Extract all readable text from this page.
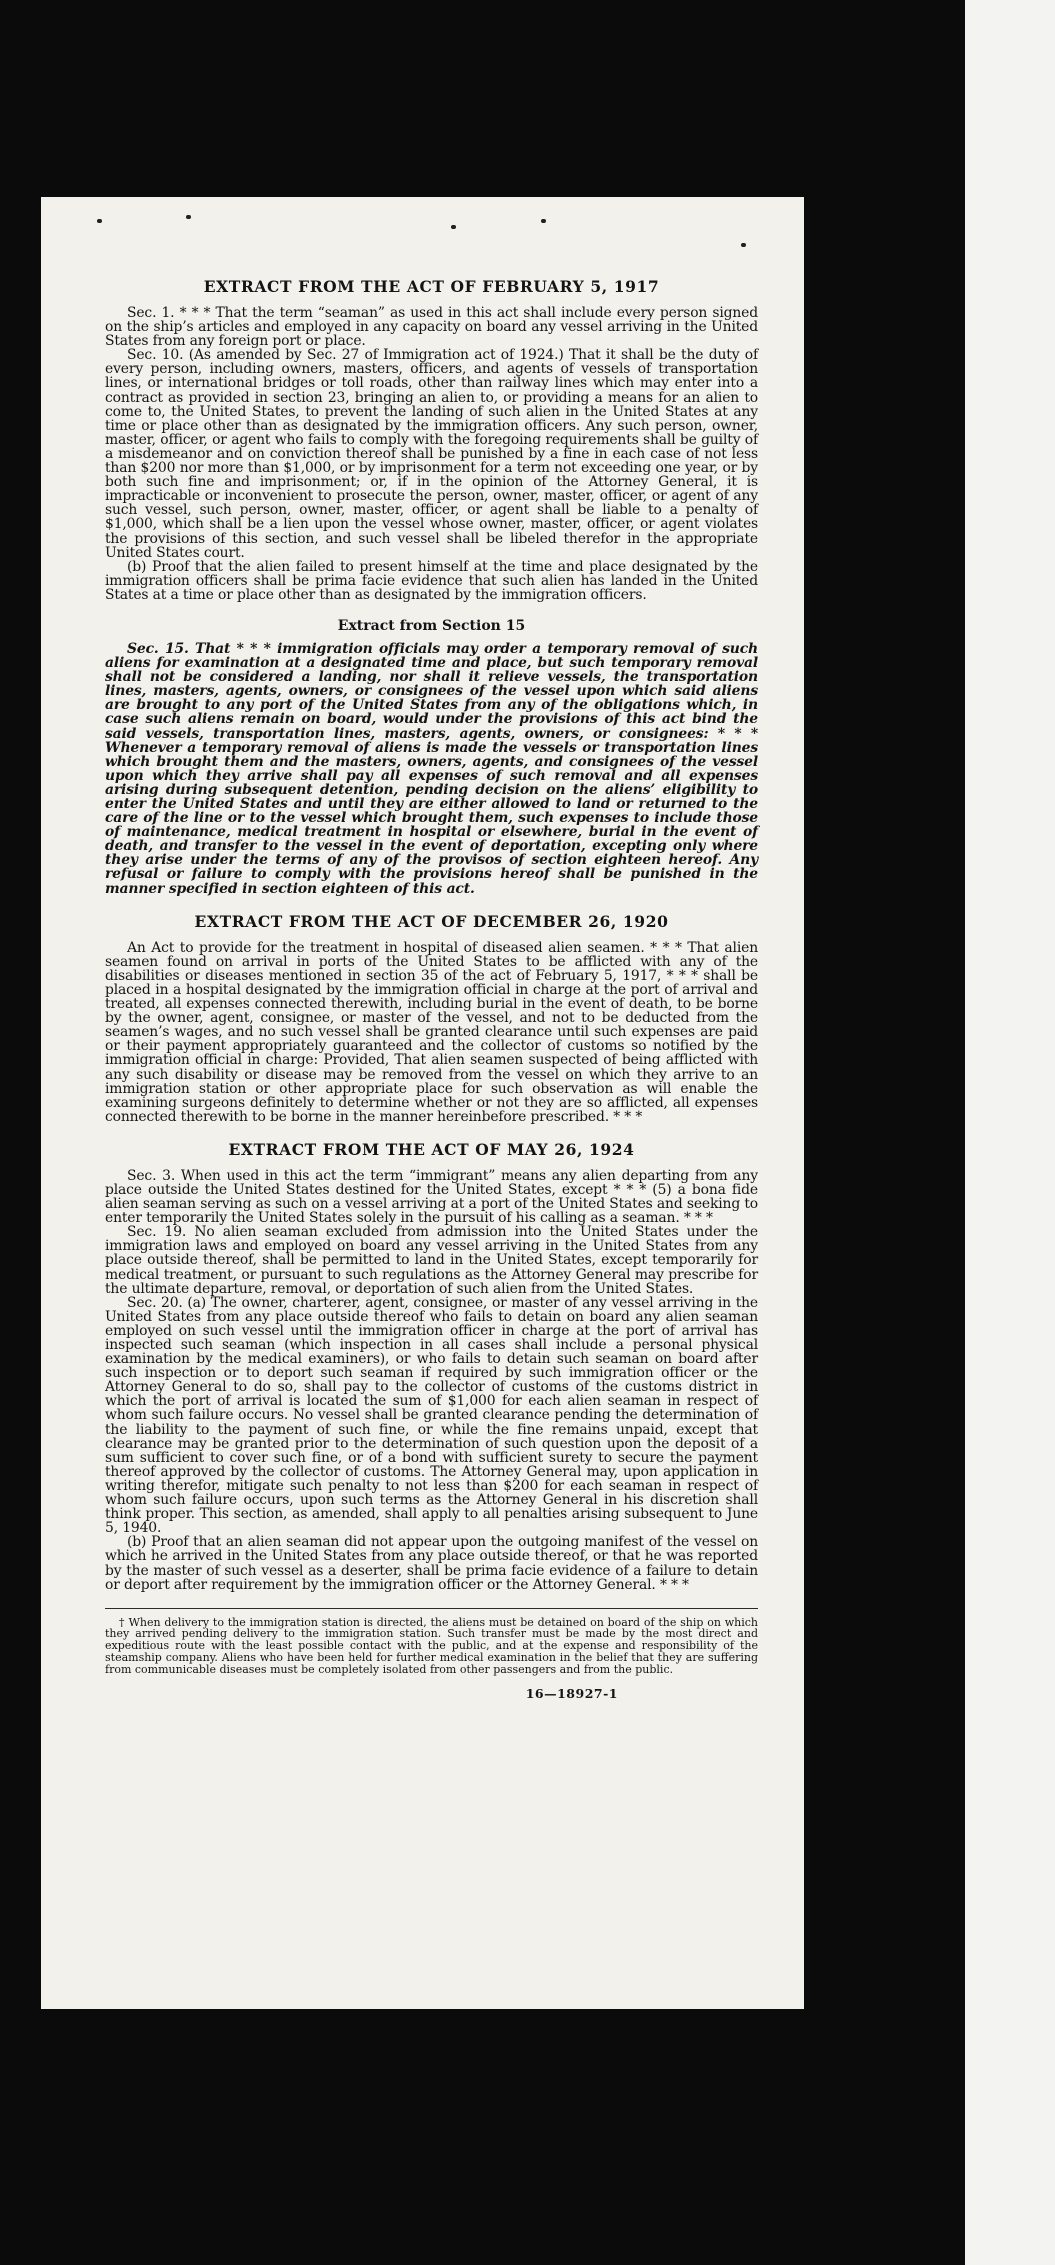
EXTRACT FROM THE ACT OF FEBRUARY 5, 1917

Sec. 1. * * * That the term “seaman” as used in this act shall include every person signed on the ship’s articles and employed in any capacity on board any vessel arriving in the United States from any foreign port or place.

Sec. 10. (As amended by Sec. 27 of Immigration act of 1924.) That it shall be the duty of every person, including owners, masters, officers, and agents of vessels of transportation lines, or international bridges or toll roads, other than railway lines which may enter into a contract as provided in section 23, bringing an alien to, or providing a means for an alien to come to, the United States, to prevent the landing of such alien in the United States at any time or place other than as designated by the immigration officers. Any such person, owner, master, officer, or agent who fails to comply with the foregoing requirements shall be guilty of a misdemeanor and on conviction thereof shall be punished by a fine in each case of not less than $200 nor more than $1,000, or by imprisonment for a term not exceeding one year, or by both such fine and imprisonment; or, if in the opinion of the Attorney General, it is impracticable or inconvenient to prosecute the person, owner, master, officer, or agent of any such vessel, such person, owner, master, officer, or agent shall be liable to a penalty of $1,000, which shall be a lien upon the vessel whose owner, master, officer, or agent violates the provisions of this section, and such vessel shall be libeled therefor in the appropriate United States court.

(b) Proof that the alien failed to present himself at the time and place designated by the immigration officers shall be prima facie evidence that such alien has landed in the United States at a time or place other than as designated by the immigration officers.

Extract from Section 15

Sec. 15. That * * * immigration officials may order a temporary removal of such aliens for examination at a designated time and place, but such temporary removal shall not be considered a landing, nor shall it relieve vessels, the transportation lines, masters, agents, owners, or consignees of the vessel upon which said aliens are brought to any port of the United States from any of the obligations which, in case such aliens remain on board, would under the provisions of this act bind the said vessels, transportation lines, masters, agents, owners, or consignees: * * * Whenever a temporary removal of aliens is made the vessels or transportation lines which brought them and the masters, owners, agents, and consignees of the vessel upon which they arrive shall pay all expenses of such removal and all expenses arising during subsequent detention, pending decision on the aliens’ eligibility to enter the United States and until they are either allowed to land or returned to the care of the line or to the vessel which brought them, such expenses to include those of maintenance, medical treatment in hospital or elsewhere, burial in the event of death, and transfer to the vessel in the event of deportation, excepting only where they arise under the terms of any of the provisos of section eighteen hereof. Any refusal or failure to comply with the provisions hereof shall be punished in the manner specified in section eighteen of this act.

EXTRACT FROM THE ACT OF DECEMBER 26, 1920

An Act to provide for the treatment in hospital of diseased alien seamen. * * * That alien seamen found on arrival in ports of the United States to be afflicted with any of the disabilities or diseases mentioned in section 35 of the act of February 5, 1917, * * * shall be placed in a hospital designated by the immigration official in charge at the port of arrival and treated, all expenses connected therewith, including burial in the event of death, to be borne by the owner, agent, consignee, or master of the vessel, and not to be deducted from the seamen’s wages, and no such vessel shall be granted clearance until such expenses are paid or their payment appropriately guaranteed and the collector of customs so notified by the immigration official in charge: Provided, That alien seamen suspected of being afflicted with any such disability or disease may be removed from the vessel on which they arrive to an immigration station or other appropriate place for such observation as will enable the examining surgeons definitely to determine whether or not they are so afflicted, all expenses connected therewith to be borne in the manner hereinbefore prescribed. * * *

EXTRACT FROM THE ACT OF MAY 26, 1924

Sec. 3. When used in this act the term “immigrant” means any alien departing from any place outside the United States destined for the United States, except * * * (5) a bona fide alien seaman serving as such on a vessel arriving at a port of the United States and seeking to enter temporarily the United States solely in the pursuit of his calling as a seaman. * * *

Sec. 19. No alien seaman excluded from admission into the United States under the immigration laws and employed on board any vessel arriving in the United States from any place outside thereof, shall be permitted to land in the United States, except temporarily for medical treatment, or pursuant to such regulations as the Attorney General may prescribe for the ultimate departure, removal, or deportation of such alien from the United States.

Sec. 20. (a) The owner, charterer, agent, consignee, or master of any vessel arriving in the United States from any place outside thereof who fails to detain on board any alien seaman employed on such vessel until the immigration officer in charge at the port of arrival has inspected such seaman (which inspection in all cases shall include a personal physical examination by the medical examiners), or who fails to detain such seaman on board after such inspection or to deport such seaman if required by such immigration officer or the Attorney General to do so, shall pay to the collector of customs of the customs district in which the port of arrival is located the sum of $1,000 for each alien seaman in respect of whom such failure occurs. No vessel shall be granted clearance pending the determination of the liability to the payment of such fine, or while the fine remains unpaid, except that clearance may be granted prior to the determination of such question upon the deposit of a sum sufficient to cover such fine, or of a bond with sufficient surety to secure the payment thereof approved by the collector of customs. The Attorney General may, upon application in writing therefor, mitigate such penalty to not less than $200 for each seaman in respect of whom such failure occurs, upon such terms as the Attorney General in his discretion shall think proper. This section, as amended, shall apply to all penalties arising subsequent to June 5, 1940.

(b) Proof that an alien seaman did not appear upon the outgoing manifest of the vessel on which he arrived in the United States from any place outside thereof, or that he was reported by the master of such vessel as a deserter, shall be prima facie evidence of a failure to detain or deport after requirement by the immigration officer or the Attorney General. * * *

† When delivery to the immigration station is directed, the aliens must be detained on board of the ship on which they arrived pending delivery to the immigration station. Such transfer must be made by the most direct and expeditious route with the least possible contact with the public, and at the expense and responsibility of the steamship company. Aliens who have been held for further medical examination in the belief that they are suffering from communicable diseases must be completely isolated from other passengers and from the public.

16—18927-1
